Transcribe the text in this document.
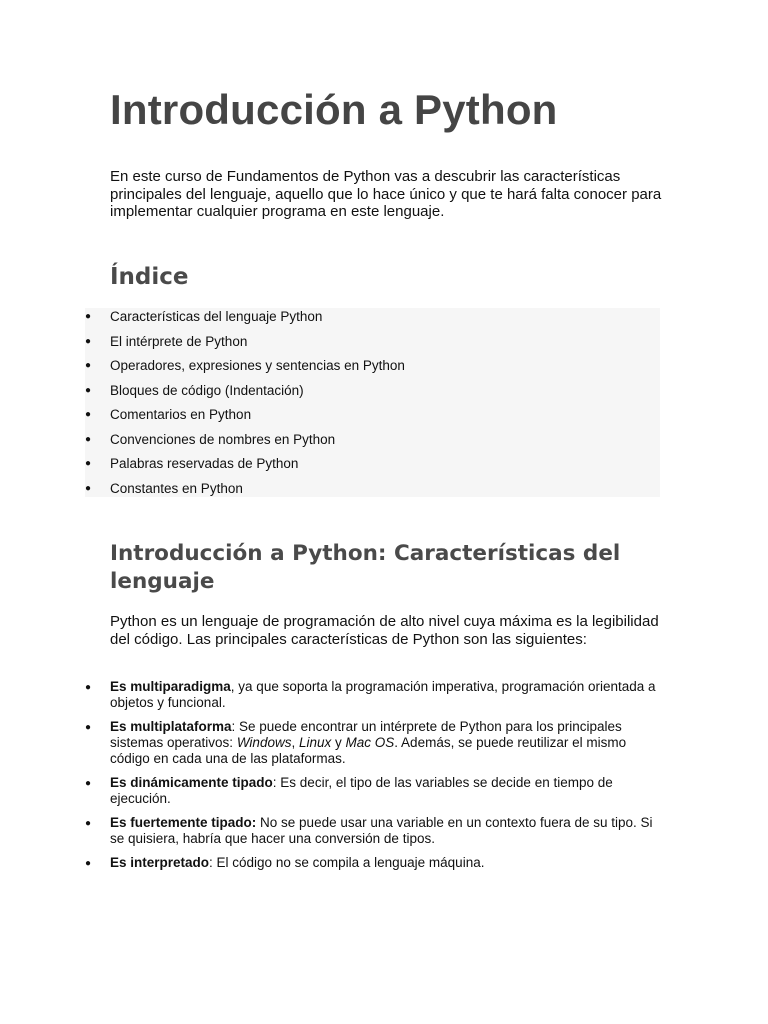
Introducción a Python

En este curso de Fundamentos de Python vas a descubrir las características principales del lenguaje, aquello que lo hace único y que te hará falta conocer para implementar cualquier programa en este lenguaje.

Índice
● Características del lenguaje Python
● El intérprete de Python
● Operadores, expresiones y sentencias en Python
● Bloques de código (Indentación)
● Comentarios en Python
● Convenciones de nombres en Python
● Palabras reservadas de Python
● Constantes en Python
Introducción a Python: Características del lenguaje

Python es un lenguaje de programación de alto nivel cuya máxima es la legibilidad del código. Las principales características de Python son las siguientes:

● Es multiparadigma, ya que soporta la programación imperativa, programación orientada a objetos y funcional.
● Es multiplataforma: Se puede encontrar un intérprete de Python para los principales sistemas operativos: Windows, Linux y Mac OS. Además, se puede reutilizar el mismo código en cada una de las plataformas.
● Es dinámicamente tipado: Es decir, el tipo de las variables se decide en tiempo de ejecución.
● Es fuertemente tipado: No se puede usar una variable en un contexto fuera de su tipo. Si se quisiera, habría que hacer una conversión de tipos.
● Es interpretado: El código no se compila a lenguaje máquina.
